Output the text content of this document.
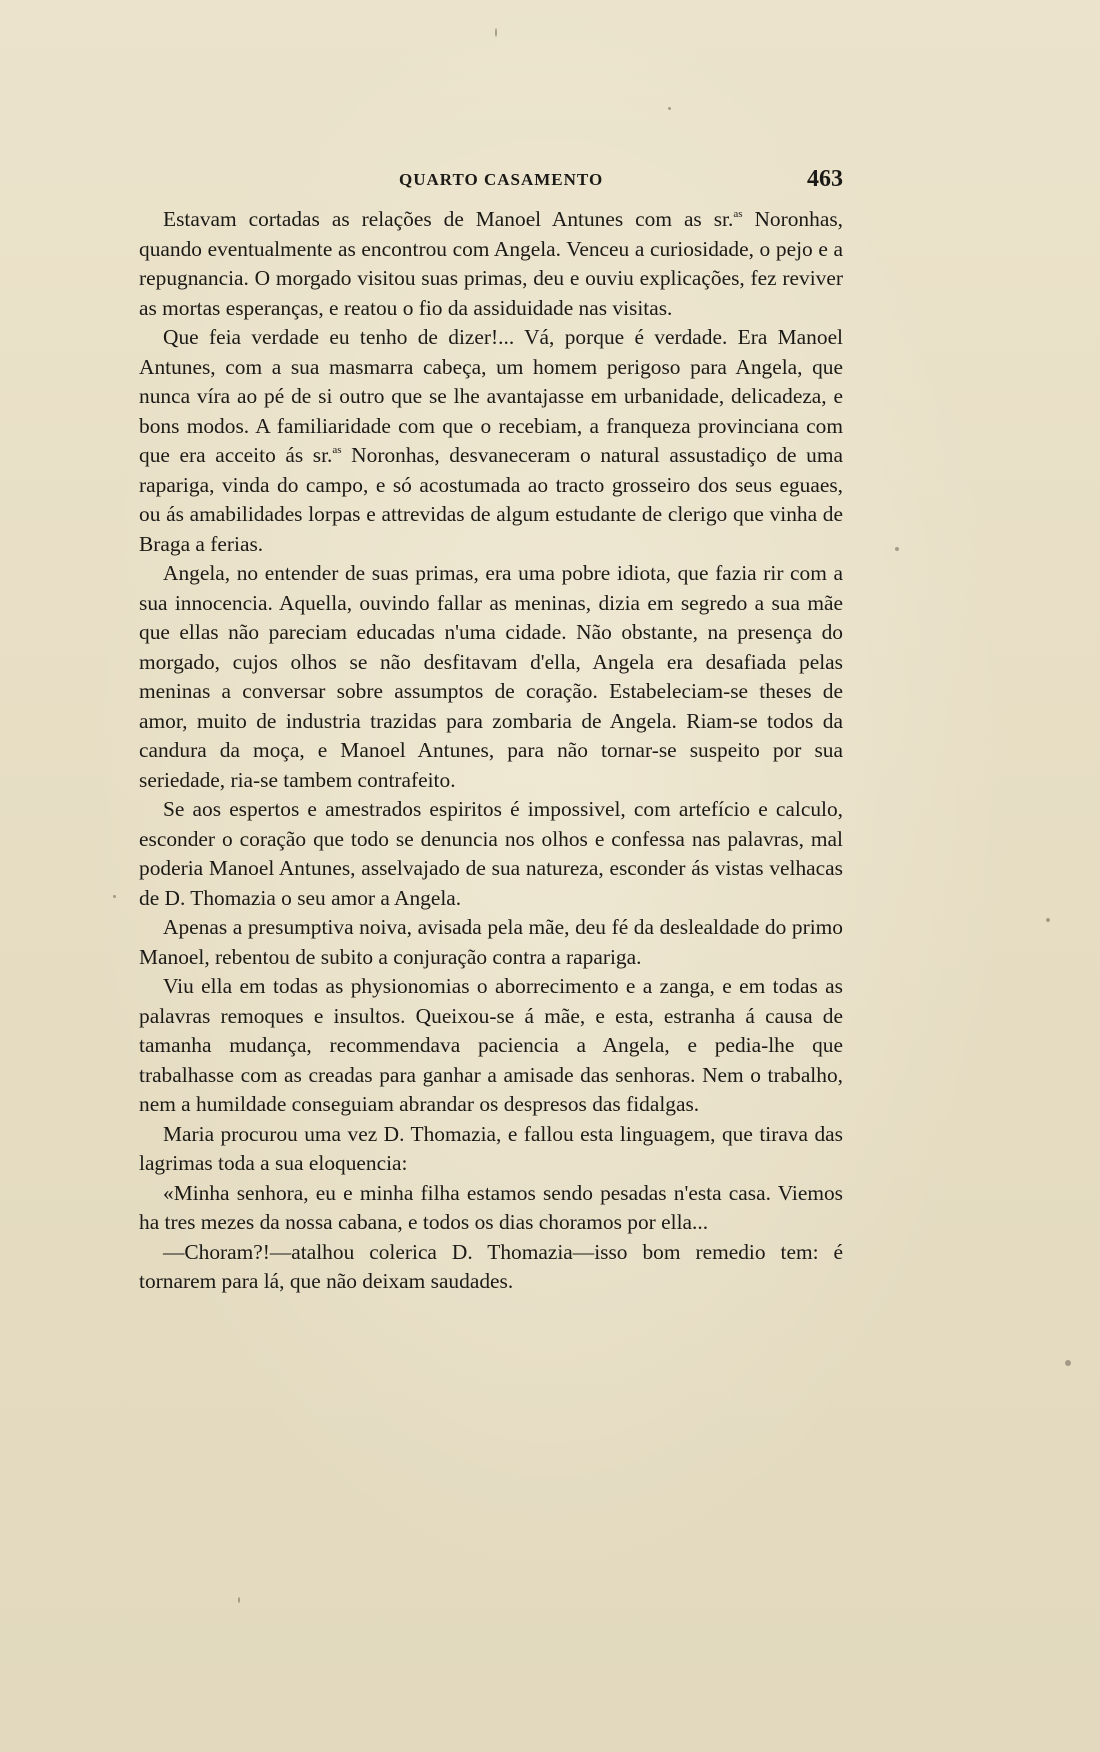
QUARTO CASAMENTO	463

Estavam cortadas as relações de Manoel Antunes com as sr.$^{as}$ Noronhas, quando eventualmente as encontrou com Angela. Venceu a curiosidade, o pejo e a repugnancia. O morgado visitou suas primas, deu e ouviu explicações, fez reviver as mortas esperanças, e reatou o fio da assiduidade nas visitas.

Que feia verdade eu tenho de dizer!... Vá, porque é verdade. Era Manoel Antunes, com a sua masmarra cabeça, um homem perigoso para Angela, que nunca víra ao pé de si outro que se lhe avantajasse em urbanidade, delicadeza, e bons modos. A familiaridade com que o recebiam, a franqueza provinciana com que era acceito ás sr.$^{as}$ Noronhas, desvaneceram o natural assustadiço de uma rapariga, vinda do campo, e só acostumada ao tracto grosseiro dos seus eguaes, ou ás amabilidades lorpas e attrevidas de algum estudante de clerigo que vinha de Braga a ferias.

Angela, no entender de suas primas, era uma pobre idiota, que fazia rir com a sua innocencia. Aquella, ouvindo fallar as meninas, dizia em segredo a sua mãe que ellas não pareciam educadas n'uma cidade. Não obstante, na presença do morgado, cujos olhos se não desfitavam d'ella, Angela era desafiada pelas meninas a conversar sobre assumptos de coração. Estabeleciam-se theses de amor, muito de industria trazidas para zombaria de Angela. Riam-se todos da candura da moça, e Manoel Antunes, para não tornar-se suspeito por sua seriedade, ria-se tambem contrafeito.

Se aos espertos e amestrados espiritos é impossivel, com artefício e calculo, esconder o coração que todo se denuncia nos olhos e confessa nas palavras, mal poderia Manoel Antunes, asselvajado de sua natureza, esconder ás vistas velhacas de D. Thomazia o seu amor a Angela.

Apenas a presumptiva noiva, avisada pela mãe, deu fé da deslealdade do primo Manoel, rebentou de subito a conjuração contra a rapariga.

Viu ella em todas as physionomias o aborrecimento e a zanga, e em todas as palavras remoques e insultos. Queixou-se á mãe, e esta, estranha á causa de tamanha mudança, recommendava paciencia a Angela, e pedia-lhe que trabalhasse com as creadas para ganhar a amisade das senhoras. Nem o trabalho, nem a humildade conseguiam abrandar os despresos das fidalgas.

Maria procurou uma vez D. Thomazia, e fallou esta linguagem, que tirava das lagrimas toda a sua eloquencia:

«Minha senhora, eu e minha filha estamos sendo pesadas n'esta casa. Viemos ha tres mezes da nossa cabana, e todos os dias choramos por ella...

—Choram?!—atalhou colerica D. Thomazia—isso bom remedio tem: é tornarem para lá, que não deixam saudades.
